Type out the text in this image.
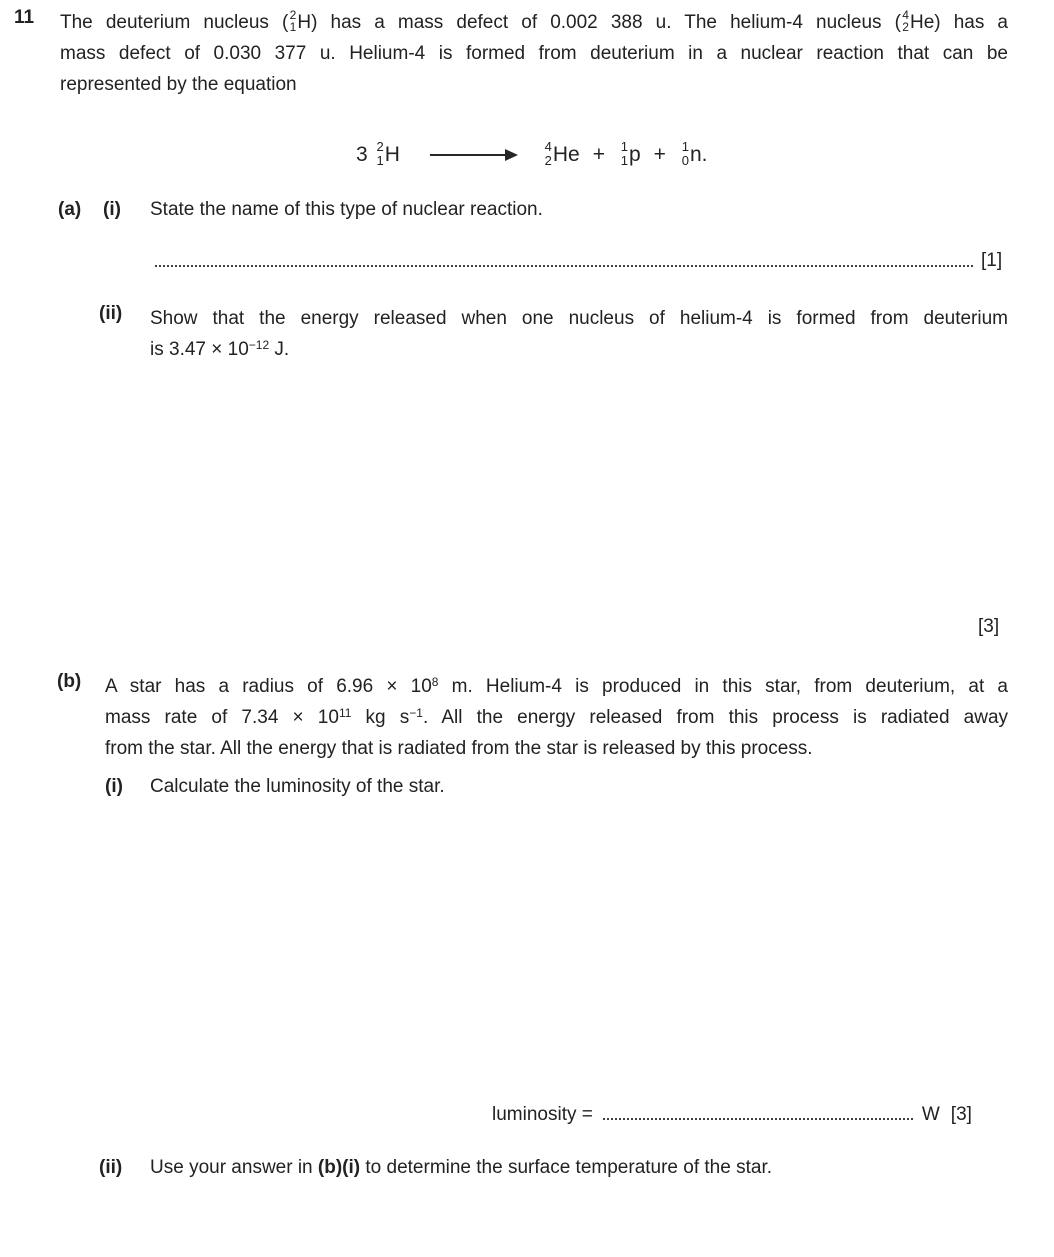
11 The deuterium nucleus ( 2
1 H) has a mass defect of 0.002 388 u. The helium-4 nucleus ( 4
2 He) has a
mass defect of 0.030 377 u. Helium-4 is formed from deuterium in a nuclear reaction that can be
represented by the equation
3 2
1 H	4
2 He + 1
1 p + 1
0 n.
(a) (i) State the name of this type of nuclear reaction.
[1]
(ii) Show that the energy released when one nucleus of helium-4 is formed from deuterium
is $3.47 \times 10^{-12}$ J.
[3]
(b) A star has a radius of $6.96 \times 10^8$ m. Helium-4 is produced in this star, from deuterium, at a
mass rate of $7.34 \times 10^{11}$ kg $s^{-1}$. All the energy released from this process is radiated away
from the star. All the energy that is radiated from the star is released by this process.
(i) Calculate the luminosity of the star.
luminosity =	W [3]
(ii) Use your answer in (b)(i) to determine the surface temperature of the star.
